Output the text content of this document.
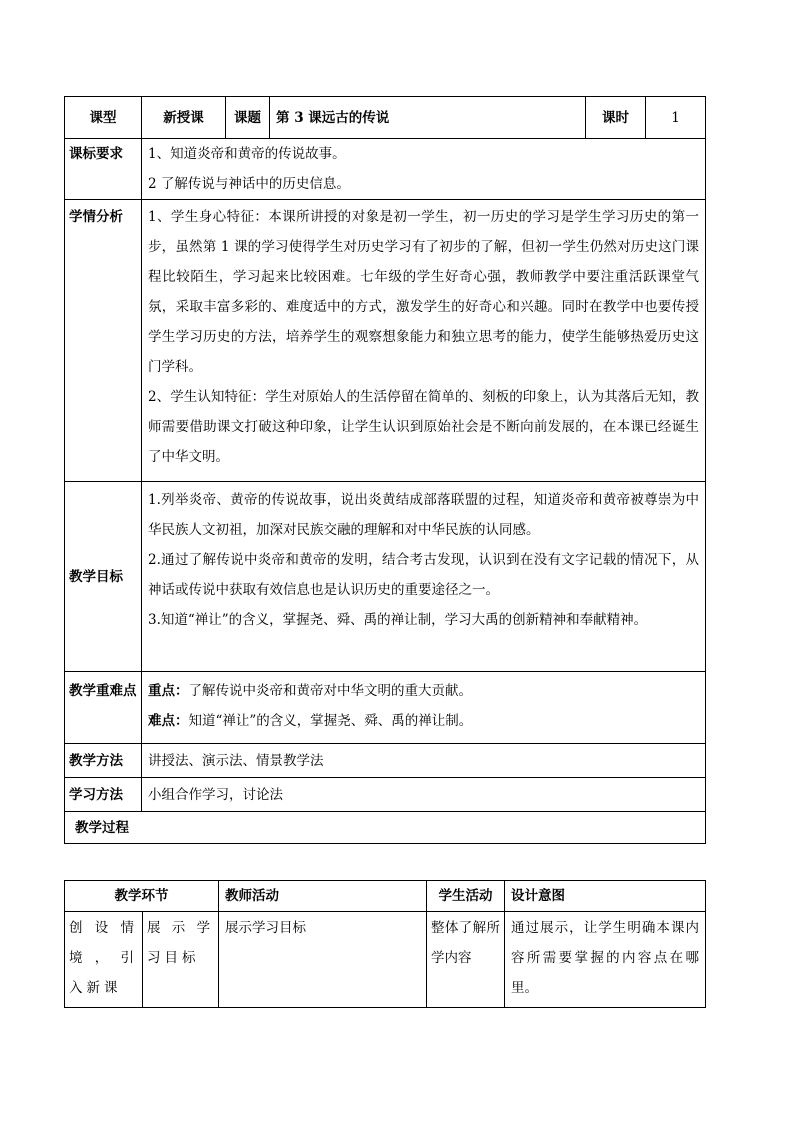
课型	新授课	课题	第 3 课远古的传说	课时	1
课标要求	1、知道炎帝和黄帝的传说故事。
2 了解传说与神话中的历史信息。				

学情分析	1、学生身心特征：本课所讲授的对象是初一学生，初一历史的学习是学生学习历史的第一步，虽然第 1 课的学习使得学生对历史学习有了初步的了解，但初一学生仍然对历史这门课程比较陌生，学习起来比较困难。七年级的学生好奇心强，教师教学中要注重活跃课堂气氛，采取丰富多彩的、难度适中的方式，激发学生的好奇心和兴趣。同时在教学中也要传授学生学习历史的方法，培养学生的观察想象能力和独立思考的能力，使学生能够热爱历史这门学科。
2、学生认知特征：学生对原始人的生活停留在简单的、刻板的印象上，认为其落后无知，教师需要借助课文打破这种印象，让学生认识到原始社会是不断向前发展的，在本课已经诞生了中华文明。				

教学目标	1.列举炎帝、黄帝的传说故事，说出炎黄结成部落联盟的过程，知道炎帝和黄帝被尊崇为中华民族人文初祖，加深对民族交融的理解和对中华民族的认同感。
2.通过了解传说中炎帝和黄帝的发明，结合考古发现，认识到在没有文字记载的情况下，从神话或传说中获取有效信息也是认识历史的重要途径之一。
3.知道“禅让”的含义，掌握尧、舜、禹的禅让制，学习大禹的创新精神和奉献精神。				

教学重难点	重点：了解传说中炎帝和黄帝对中华文明的重大贡献。
难点：知道“禅让”的含义，掌握尧、舜、禹的禅让制。				

教学方法	讲授法、演示法、情景教学法				
学习方法	小组合作学习，讨论法				
教学过程					
教学环节		教师活动	学生活动	设计意图
创设情境，引入新课	展示学习目标	展示学习目标	整体了解所学内容	通过展示，让学生明确本课内容所需要掌握的内容点在哪里。
